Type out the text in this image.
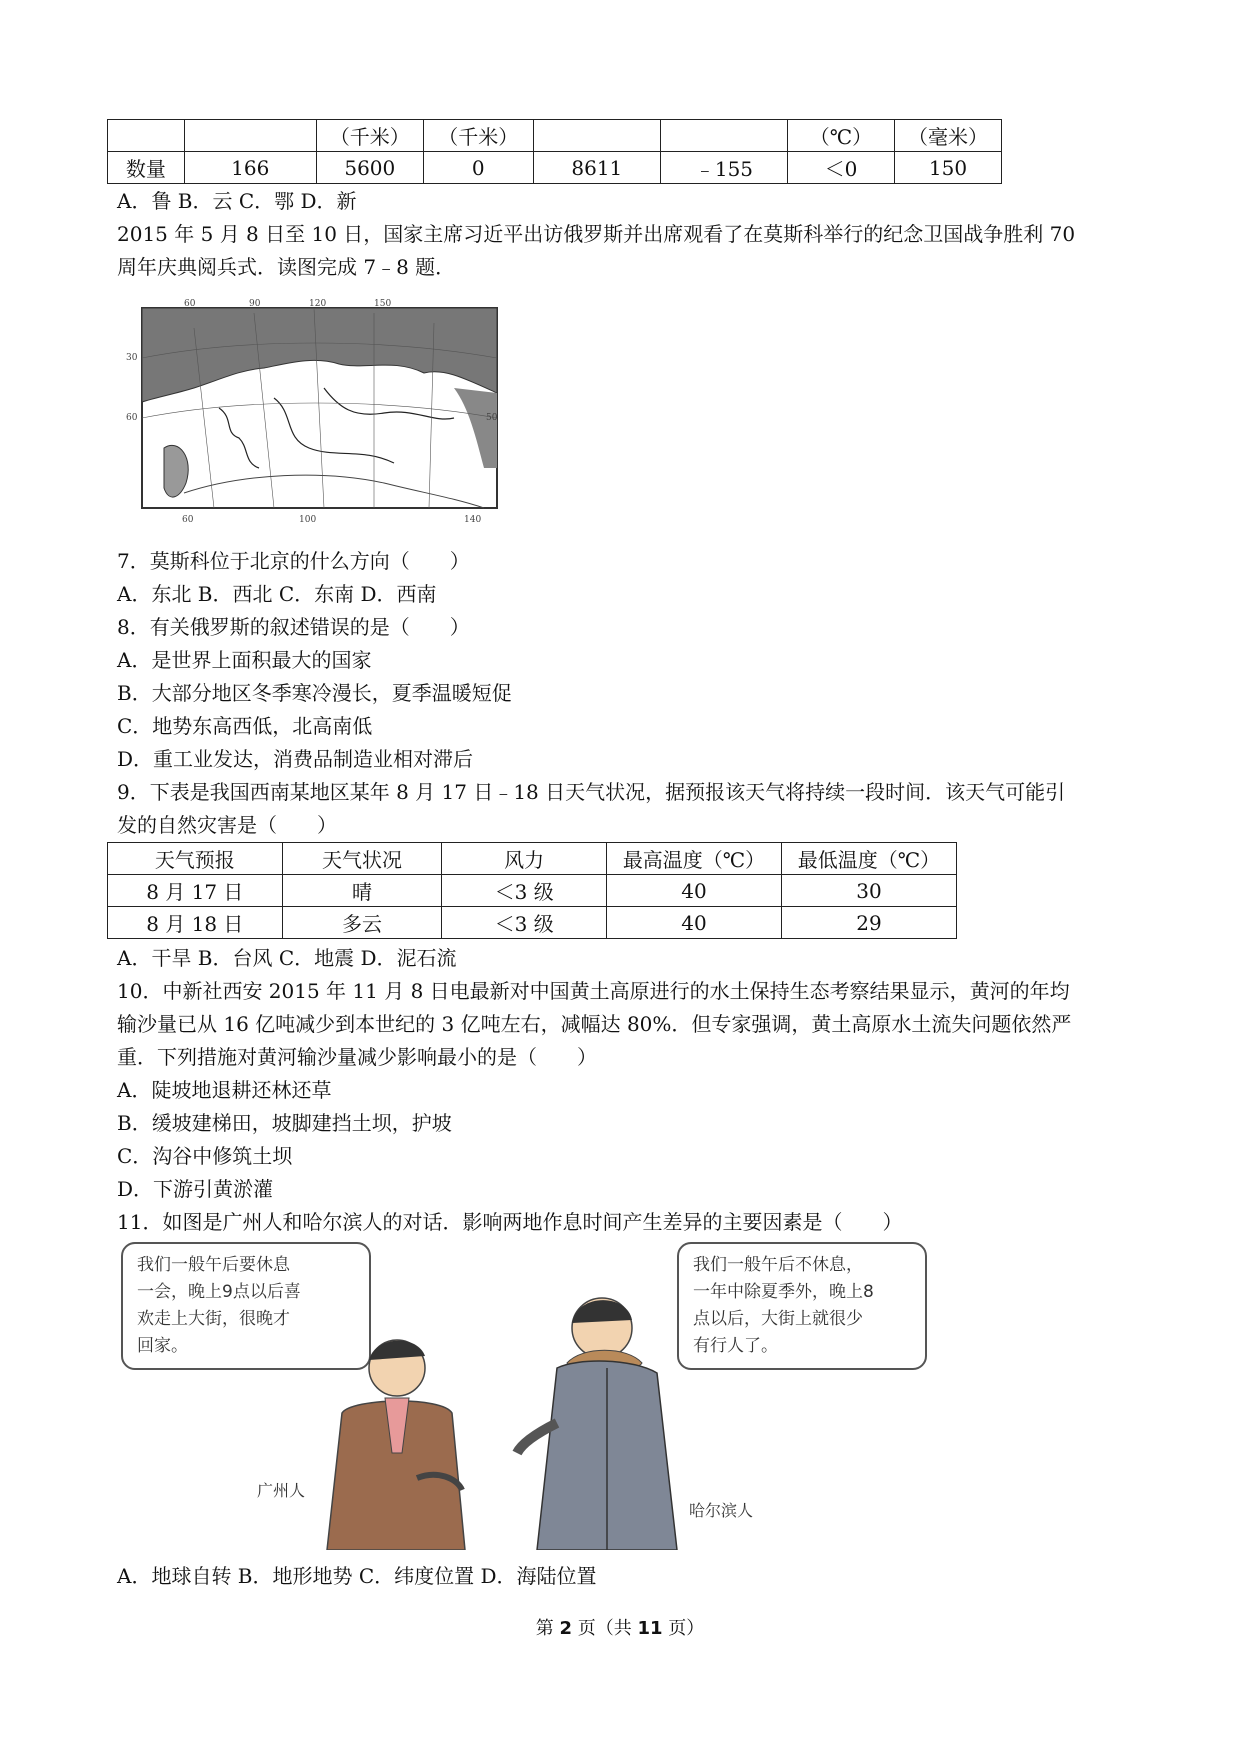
		（千米）	（千米）			（℃）	（毫米）
数量	166	5600	0	8611	﹣155	＜0	150
A．鲁 B．云 C．鄂 D．新
2015 年 5 月 8 日至 10 日，国家主席习近平出访俄罗斯并出席观看了在莫斯科举行的纪念卫国战争胜利 70
周年庆典阅兵式．读图完成 7﹣8 题．
60	90	120	150
60	100	140
30
60	50
7．莫斯科位于北京的什么方向（　　）
A．东北 B．西北 C．东南 D．西南
8．有关俄罗斯的叙述错误的是（　　）
A．是世界上面积最大的国家
B．大部分地区冬季寒冷漫长，夏季温暖短促
C．地势东高西低，北高南低
D．重工业发达，消费品制造业相对滞后
9．下表是我国西南某地区某年 8 月 17 日﹣18 日天气状况，据预报该天气将持续一段时间．该天气可能引
发的自然灾害是（　　）
天气预报	天气状况	风力	最高温度（℃）	最低温度（℃）
8 月 17 日	晴	＜3 级	40	30
8 月 18 日	多云	＜3 级	40	29
A．干旱 B．台风 C．地震 D．泥石流
10．中新社西安 2015 年 11 月 8 日电最新对中国黄土高原进行的水土保持生态考察结果显示，黄河的年均
输沙量已从 16 亿吨减少到本世纪的 3 亿吨左右，减幅达 80%．但专家强调，黄土高原水土流失问题依然严
重．下列措施对黄河输沙量减少影响最小的是（　　）
A．陡坡地退耕还林还草
B．缓坡建梯田，坡脚建挡土坝，护坡
C．沟谷中修筑土坝
D．下游引黄淤灌
11．如图是广州人和哈尔滨人的对话．影响两地作息时间产生差异的主要因素是（　　）
我们一般午后要休息
一会，晚上9点以后喜
欢走上大街，很晚才
回家。
我们一般午后不休息，
一年中除夏季外，晚上8
点以后，大街上就很少
有行人了。
广州人
哈尔滨人
A．地球自转 B．地形地势 C．纬度位置 D．海陆位置
第 2 页（共 11 页）
